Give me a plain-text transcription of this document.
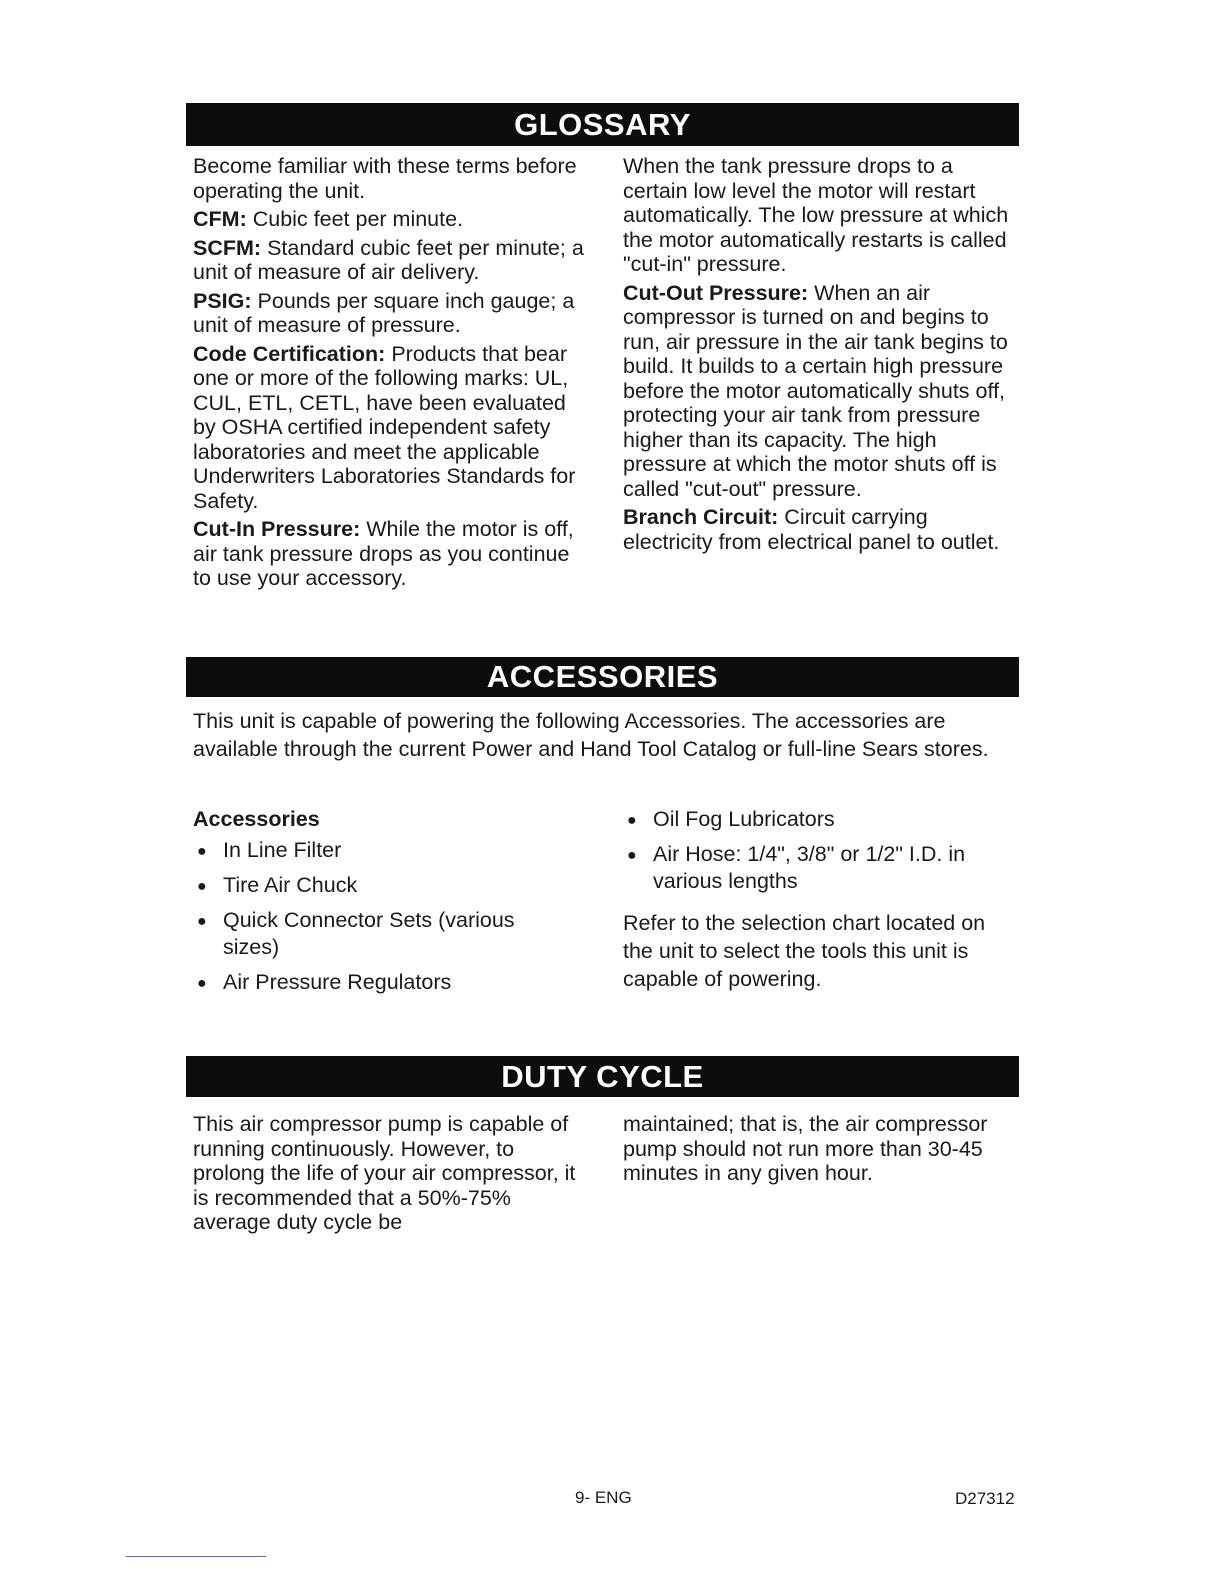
GLOSSARY

Become familiar with these terms before operating the unit.

CFM: Cubic feet per minute.

SCFM: Standard cubic feet per minute; a unit of measure of air delivery.

PSIG: Pounds per square inch gauge; a unit of measure of pressure.

Code Certification: Products that bear one or more of the following marks: UL, CUL, ETL, CETL, have been evaluated by OSHA certified independent safety laboratories and meet the applicable Underwriters Laboratories Standards for Safety.

Cut-In Pressure: While the motor is off, air tank pressure drops as you continue to use your accessory.

When the tank pressure drops to a certain low level the motor will restart automatically. The low pressure at which the motor automatically restarts is called "cut-in" pressure.

Cut-Out Pressure: When an air compressor is turned on and begins to run, air pressure in the air tank begins to build. It builds to a certain high pressure before the motor automatically shuts off, protecting your air tank from pressure higher than its capacity. The high pressure at which the motor shuts off is called "cut-out" pressure.

Branch Circuit: Circuit carrying electricity from electrical panel to outlet.

ACCESSORIES
This unit is capable of powering the following Accessories. The accessories are available through the current Power and Hand Tool Catalog or full-line Sears stores.

Accessories

● In Line Filter
● Tire Air Chuck
● Quick Connector Sets (various sizes)
● Air Pressure Regulators
● Oil Fog Lubricators
● Air Hose: 1/4", 3/8" or 1/2" I.D. in various lengths

Refer to the selection chart located on the unit to select the tools this unit is capable of powering.

DUTY CYCLE

This air compressor pump is capable of running continuously. However, to prolong the life of your air compressor, it is recommended that a 50%-75% average duty cycle be

maintained; that is, the air compressor pump should not run more than 30-45 minutes in any given hour.

9- ENG	D27312
